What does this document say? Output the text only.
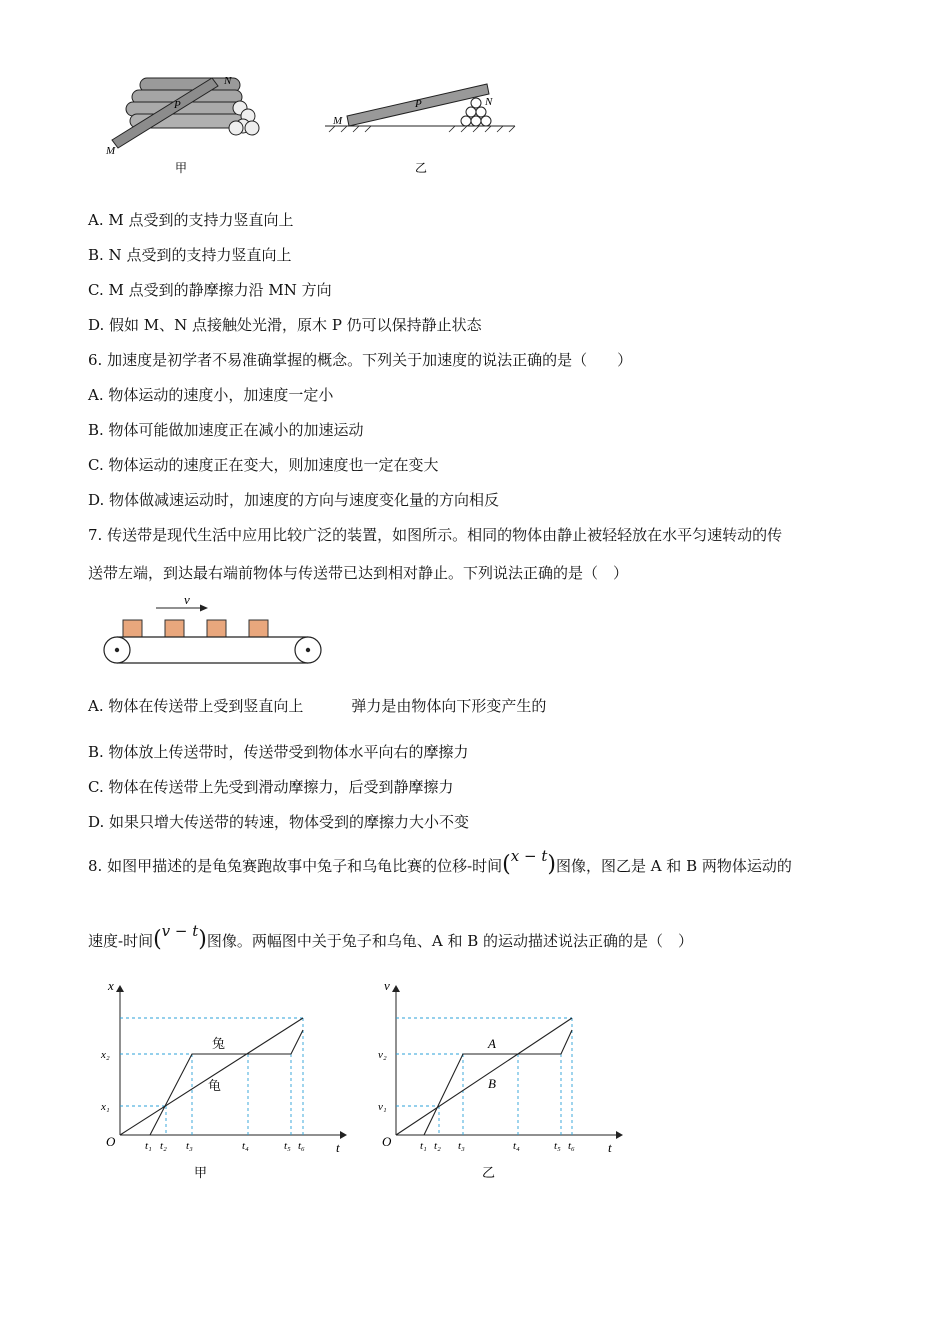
M
N
P
甲
M
N
P
乙
A. M 点受到的支持力竖直向上
B. N 点受到的支持力竖直向上
C. M 点受到的静摩擦力沿 MN 方向
D. 假如 M、N 点接触处光滑，原木 P 仍可以保持静止状态
6. 加速度是初学者不易准确掌握的概念。下列关于加速度的说法正确的是（　　）
A. 物体运动的速度小，加速度一定小
B. 物体可能做加速度正在减小的加速运动
C. 物体运动的速度正在变大，则加速度也一定在变大
D. 物体做减速运动时，加速度的方向与速度变化量的方向相反
7. 传送带是现代生活中应用比较广泛的装置，如图所示。相同的物体由静止被轻轻放在水平匀速转动的传
送带左端，到达最右端前物体与传送带已达到相对静止。下列说法正确的是（　）
v
A. 物体在传送带上受到竖直向上	弹力是由物体向下形变产生的
B. 物体放上传送带时，传送带受到物体水平向右的摩擦力
C. 物体在传送带上先受到滑动摩擦力，后受到静摩擦力
D. 如果只增大传送带的转速，物体受到的摩擦力大小不变
8. 如图甲描述的是龟兔赛跑故事中兔子和乌龟比赛的位移-时间(x − t)图像，图乙是 A 和 B 两物体运动的
速度-时间(v − t)图像。两幅图中关于兔子和乌龟、A 和 B 的运动描述说法正确的是（　）
x
t
O
x₂
x₁
t₁ t₂ t₃	t₄	t₅ t₆
兔
龟
甲
v
t
O
v₂
v₁
t₁ t₂ t₃	t₄	t₅ t₆
A
B
乙
